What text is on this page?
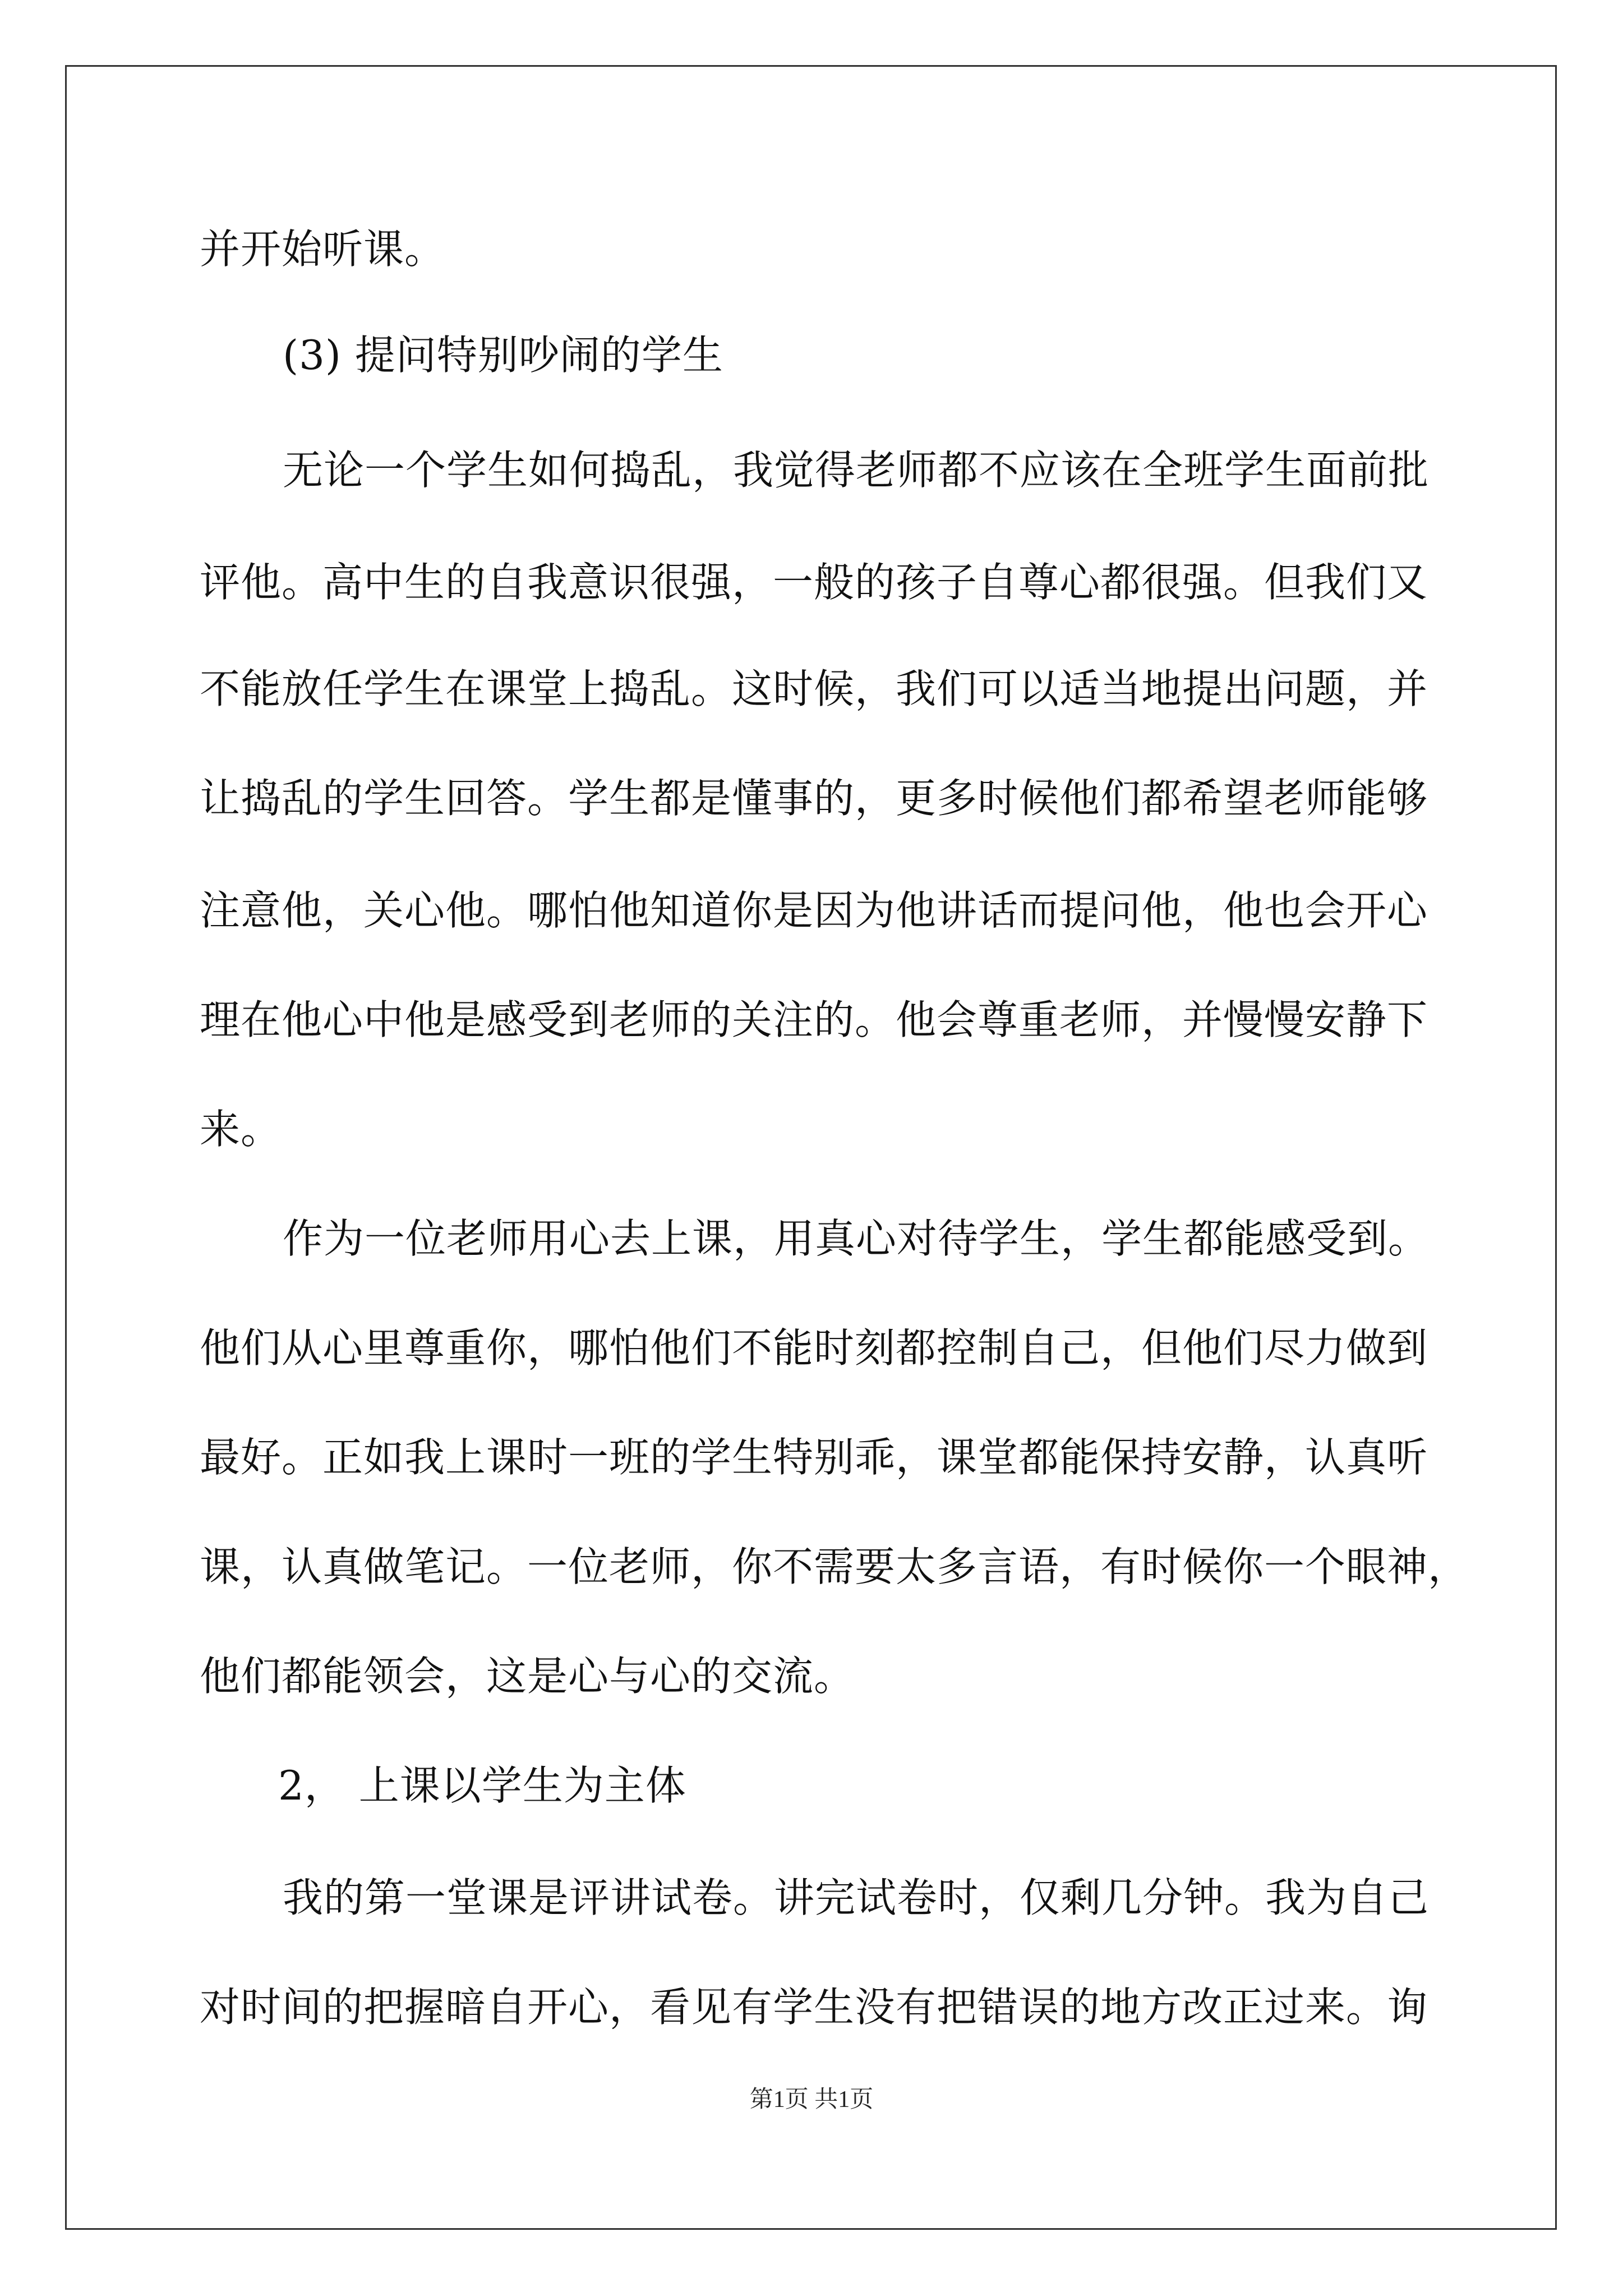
并开始听课。
(3) 提问特别吵闹的学生
无论一个学生如何捣乱，我觉得老师都不应该在全班学生面前批
评他。高中生的自我意识很强，一般的孩子自尊心都很强。但我们又
不能放任学生在课堂上捣乱。这时候，我们可以适当地提出问题，并
让捣乱的学生回答。学生都是懂事的，更多时候他们都希望老师能够
注意他，关心他。哪怕他知道你是因为他讲话而提问他，他也会开心
理在他心中他是感受到老师的关注的。他会尊重老师，并慢慢安静下
来。
作为一位老师用心去上课，用真心对待学生，学生都能感受到。
他们从心里尊重你，哪怕他们不能时刻都控制自己，但他们尽力做到
最好。正如我上课时一班的学生特别乖，课堂都能保持安静，认真听
课，认真做笔记。一位老师，你不需要太多言语，有时候你一个眼神，
他们都能领会，这是心与心的交流。
2， 上课以学生为主体
我的第一堂课是评讲试卷。讲完试卷时，仅剩几分钟。我为自己
对时间的把握暗自开心，看见有学生没有把错误的地方改正过来。询
第1页 共1页
